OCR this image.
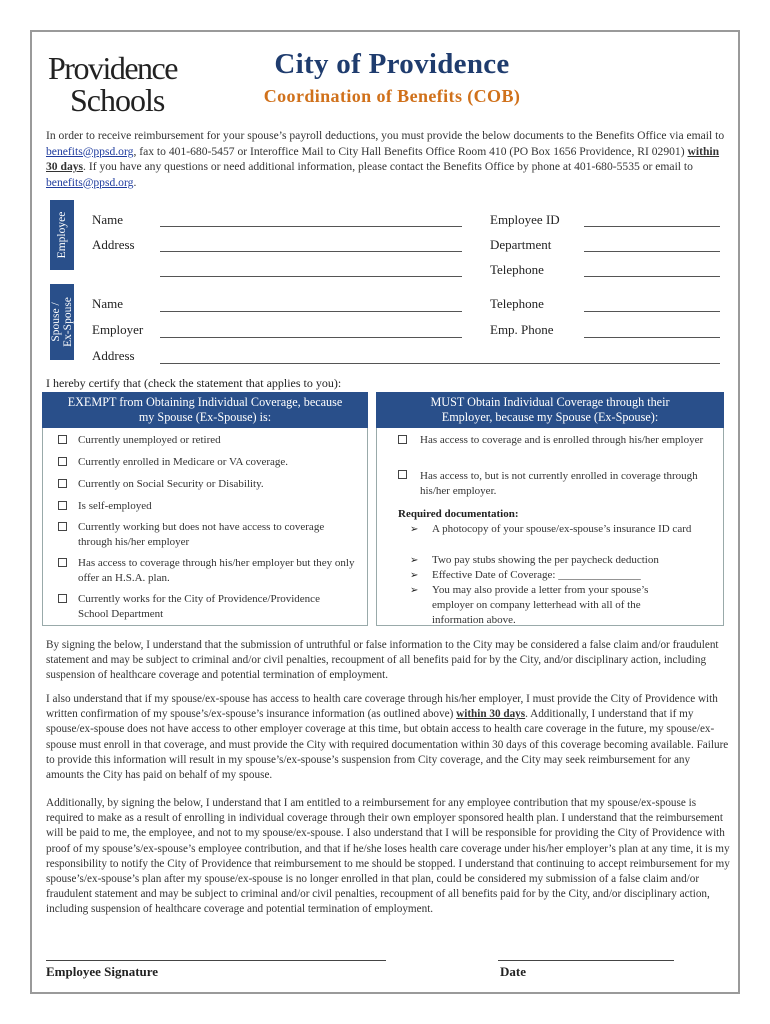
Providence
Schools
City of Providence
Coordination of Benefits (COB)
In order to receive reimbursement for your spouse’s payroll deductions, you must provide the below documents to the Benefits Office via email to benefits@ppsd.org, fax to 401-680-5457 or Interoffice Mail to City Hall Benefits Office Room 410 (PO Box 1656 Providence, RI 02901) within 30 days. If you have any questions or need additional information, please contact the Benefits Office by phone at 401-680-5535 or email to benefits@ppsd.org.
Employee Name
Address
Employee ID
Department
Telephone
Spouse /
Ex-Spouse Name
Employer
Address
Telephone
Emp. Phone
I hereby certify that (check the statement that applies to you):
EXEMPT from Obtaining Individual Coverage, because
my Spouse (Ex-Spouse) is:
MUST Obtain Individual Coverage through their
Employer, because my Spouse (Ex-Spouse):
Currently unemployed or retired
Currently enrolled in Medicare or VA coverage.
Currently on Social Security or Disability.
Is self-employed
Currently working but does not have access to coverage through his/her employer
Has access to coverage through his/her employer but they only offer an H.S.A. plan.
Currently works for the City of Providence/Providence School Department
Has access to coverage and is enrolled through his/her employer
Has access to, but is not currently enrolled in coverage through his/her employer.
Required documentation:
➢ A photocopy of your spouse/ex-spouse’s insurance ID card
➢ Two pay stubs showing the per paycheck deduction
➢ Effective Date of Coverage: _______________
➢ You may also provide a letter from your spouse’s employer on company letterhead with all of the information above.
By signing the below, I understand that the submission of untruthful or false information to the City may be considered a false claim and/or fraudulent statement and may be subject to criminal and/or civil penalties, recoupment of all benefits paid for by the City, and/or disciplinary action, including suspension of healthcare coverage and potential termination of employment.
I also understand that if my spouse/ex-spouse has access to health care coverage through his/her employer, I must provide the City of Providence with written confirmation of my spouse’s/ex-spouse’s insurance information (as outlined above) within 30 days. Additionally, I understand that if my spouse/ex-spouse does not have access to other employer coverage at this time, but obtain access to health care coverage in the future, my spouse/ex-spouse must enroll in that coverage, and must provide the City with required documentation within 30 days of this coverage becoming available. Failure to provide this information will result in my spouse’s/ex-spouse’s suspension from City coverage, and the City may seek reimbursement for any amounts the City has paid on behalf of my spouse.
Additionally, by signing the below, I understand that I am entitled to a reimbursement for any employee contribution that my spouse/ex-spouse is required to make as a result of enrolling in individual coverage through their own employer sponsored health plan. I understand that the reimbursement will be paid to me, the employee, and not to my spouse/ex-spouse. I also understand that I will be responsible for providing the City of Providence with proof of my spouse’s/ex-spouse’s employee contribution, and that if he/she loses health care coverage under his/her employer’s plan at any time, it is my responsibility to notify the City of Providence that reimbursement to me should be stopped. I understand that continuing to accept reimbursement for my spouse’s/ex-spouse’s plan after my spouse/ex-spouse is no longer enrolled in that plan, could be considered my submission of a false claim and/or fraudulent statement and may be subject to criminal and/or civil penalties, recoupment of all benefits paid for by the City, and/or disciplinary action, including suspension of healthcare coverage and potential termination of employment.
Employee Signature	Date
